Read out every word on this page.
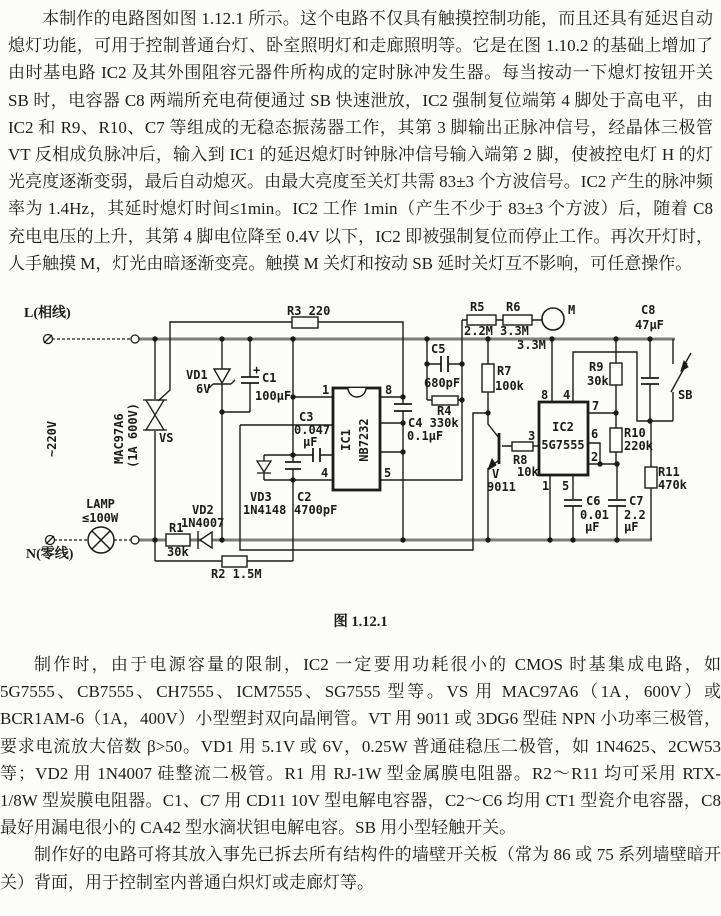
本制作的电路图如图 1.12.1 所示。这个电路不仅具有触摸控制功能，而且还具有延迟自动熄灯功能，可用于控制普通台灯、卧室照明灯和走廊照明等。它是在图 1.10.2 的基础上增加了由时基电路 IC2 及其外围阻容元器件所构成的定时脉冲发生器。每当按动一下熄灯按钮开关 SB 时，电容器 C8 两端所充电荷便通过 SB 快速泄放，IC2 强制复位端第 4 脚处于高电平，由 IC2 和 R9、R10、C7 等组成的无稳态振荡器工作，其第 3 脚输出正脉冲信号，经晶体三极管 VT 反相成负脉冲后，输入到 IC1 的延迟熄灯时钟脉冲信号输入端第 2 脚，使被控电灯 H 的灯光亮度逐渐变弱，最后自动熄灭。由最大亮度至关灯共需 83±3 个方波信号。IC2 产生的脉冲频率为 1.4Hz，其延时熄灯时间≤1min。IC2 工作 1min（产生不少于 83±3 个方波）后，随着 C8 充电电压的上升，其第 4 脚电位降至 0.4V 以下，IC2 即被强制复位而停止工作。再次开灯时，人手触摸 M，灯光由暗逐渐变亮。触摸 M 关灯和按动 SB 延时关灯互不影响，可任意操作。

L(相线)
~220V	MAC97A6 (1A 600V) VS
R3 220
VD1
6V
+
C1
100µF
LAMP
≤100W
N(零线)
R1
30k
VD2
1N4007
R2 1.5M
C3
0.047
µF
VD3
1N4148
C2
4700pF
1	8
4	5
IC1 NB7232
C5
680pF
R4
C4 330k
0.1µF
R5
2.2M
R6
3.3M
M
3.3M
R7
100k
C8
47µF
SB
R9
30k
8 4
7
6
2
3
1 5
IC2
5G7555
R8
10k
V
9011
R10
220k
R11
470k
C6
0.01
µF
C7
2.2
µF
图 1.12.1

制作时，由于电源容量的限制，IC2 一定要用功耗很小的 CMOS 时基集成电路，如 5G7555、CB7555、CH7555、ICM7555、SG7555 型等。VS 用 MAC97A6（1A，600V）或 BCR1AM-6（1A，400V）小型塑封双向晶闸管。VT 用 9011 或 3DG6 型硅 NPN 小功率三极管，要求电流放大倍数 β>50。VD1 用 5.1V 或 6V，0.25W 普通硅稳压二极管，如 1N4625、2CW53 等；VD2 用 1N4007 硅整流二极管。R1 用 RJ-1W 型金属膜电阻器。R2～R11 均可采用 RTX-1/8W 型炭膜电阻器。C1、C7 用 CD11 10V 型电解电容器，C2～C6 均用 CT1 型瓷介电容器，C8 最好用漏电很小的 CA42 型水滴状钽电解电容。SB 用小型轻触开关。

制作好的电路可将其放入事先已拆去所有结构件的墙壁开关板（常为 86 或 75 系列墙壁暗开关）背面，用于控制室内普通白炽灯或走廊灯等。
